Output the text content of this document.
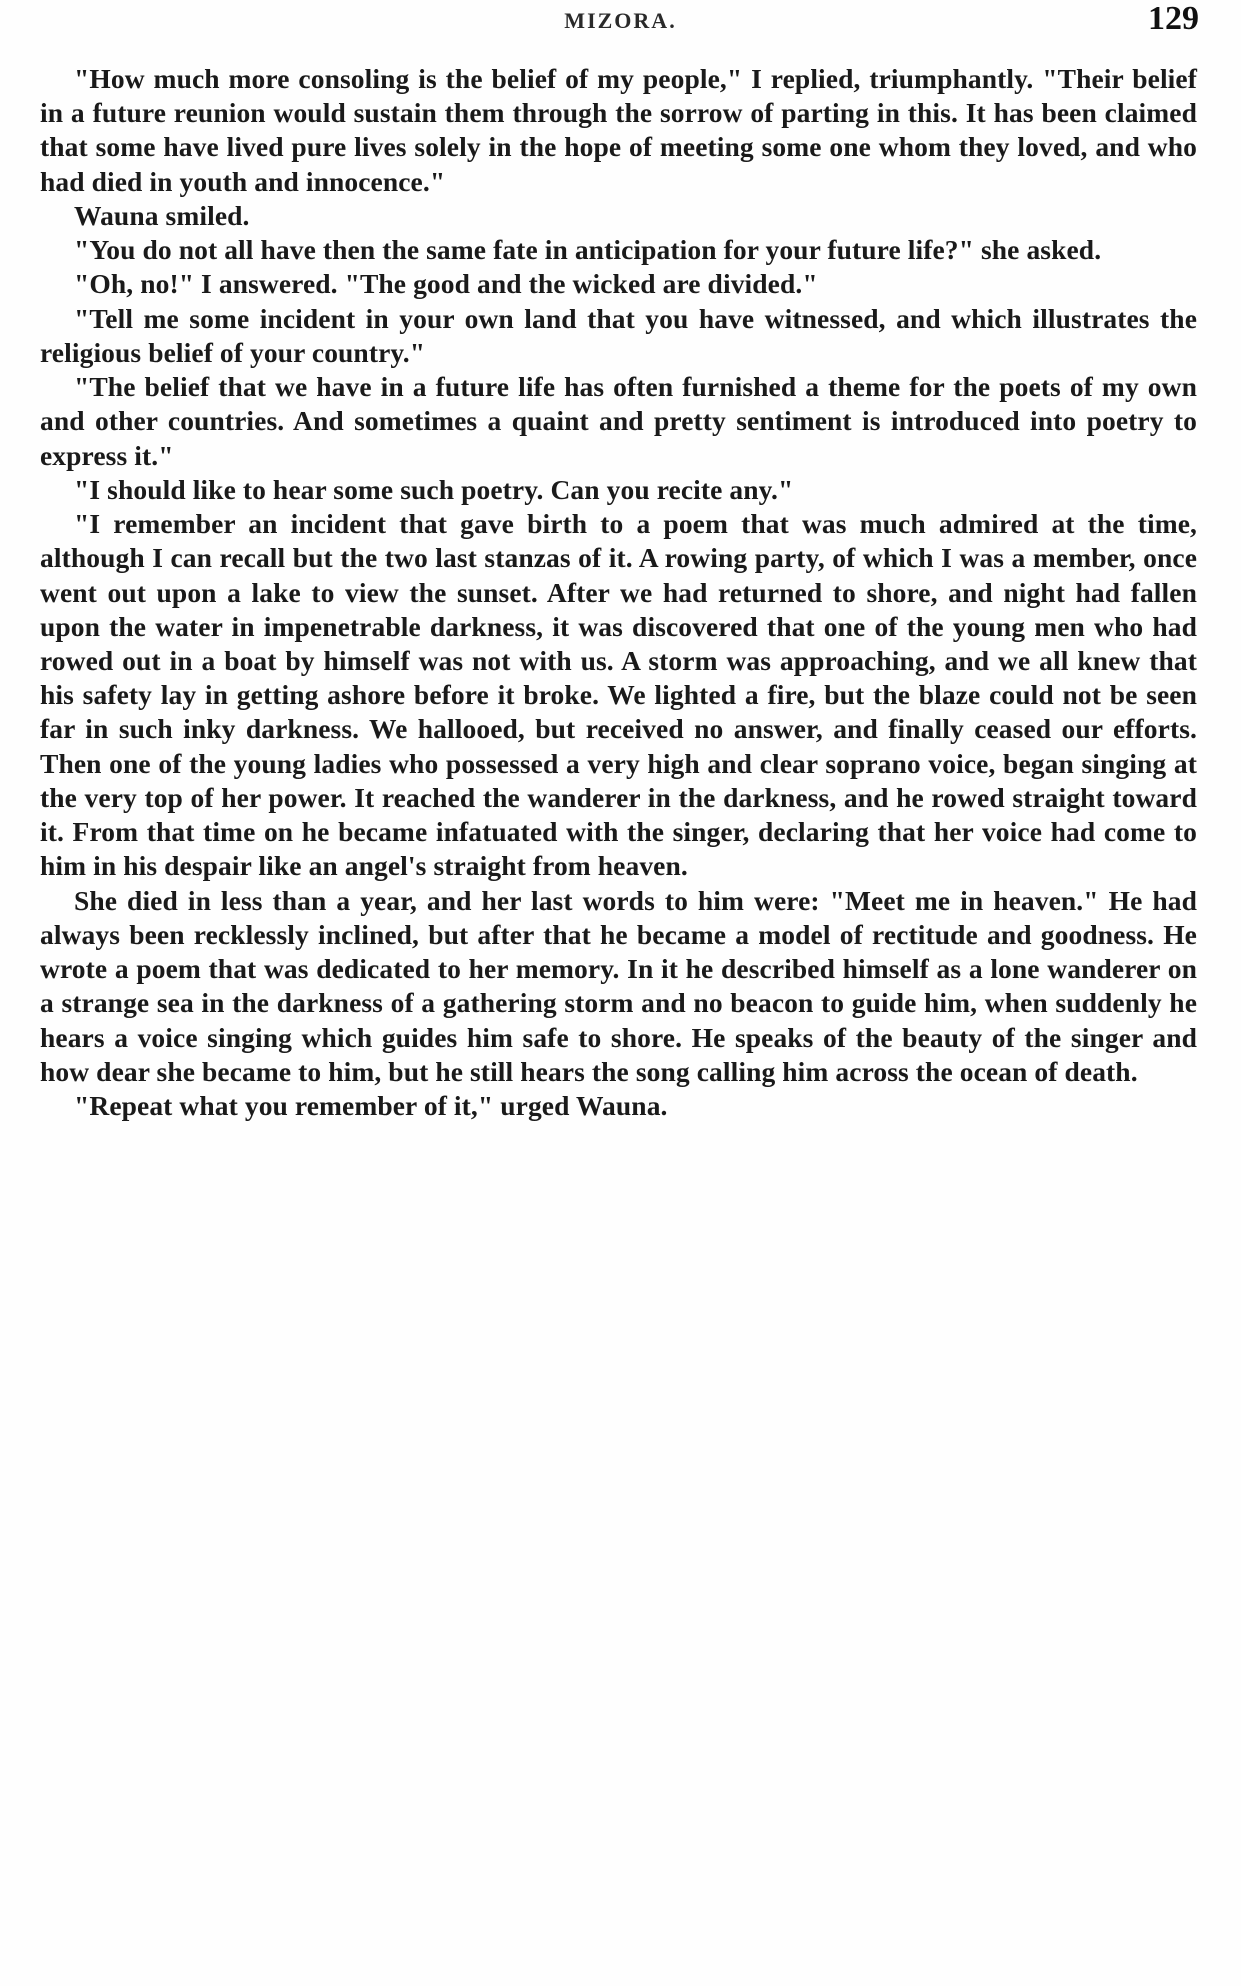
MIZORA.	129

"How much more consoling is the belief of my people," I replied, triumphantly. "Their belief in a future reunion would sustain them through the sorrow of parting in this. It has been claimed that some have lived pure lives solely in the hope of meeting some one whom they loved, and who had died in youth and innocence."

Wauna smiled.

"You do not all have then the same fate in anticipation for your future life?" she asked.

"Oh, no!" I answered. "The good and the wicked are divided."

"Tell me some incident in your own land that you have witnessed, and which illustrates the religious belief of your country."

"The belief that we have in a future life has often furnished a theme for the poets of my own and other countries. And sometimes a quaint and pretty sentiment is introduced into poetry to express it."

"I should like to hear some such poetry. Can you recite any."

"I remember an incident that gave birth to a poem that was much admired at the time, although I can recall but the two last stanzas of it. A rowing party, of which I was a member, once went out upon a lake to view the sunset. After we had returned to shore, and night had fallen upon the water in impenetrable darkness, it was discovered that one of the young men who had rowed out in a boat by himself was not with us. A storm was approaching, and we all knew that his safety lay in getting ashore before it broke. We lighted a fire, but the blaze could not be seen far in such inky darkness. We hallooed, but received no answer, and finally ceased our efforts. Then one of the young ladies who possessed a very high and clear soprano voice, began singing at the very top of her power. It reached the wanderer in the darkness, and he rowed straight toward it. From that time on he became infatuated with the singer, declaring that her voice had come to him in his despair like an angel's straight from heaven.

She died in less than a year, and her last words to him were: "Meet me in heaven." He had always been recklessly inclined, but after that he became a model of rectitude and goodness. He wrote a poem that was dedicated to her memory. In it he described himself as a lone wanderer on a strange sea in the darkness of a gathering storm and no beacon to guide him, when suddenly he hears a voice singing which guides him safe to shore. He speaks of the beauty of the singer and how dear she became to him, but he still hears the song calling him across the ocean of death.

"Repeat what you remember of it," urged Wauna.
